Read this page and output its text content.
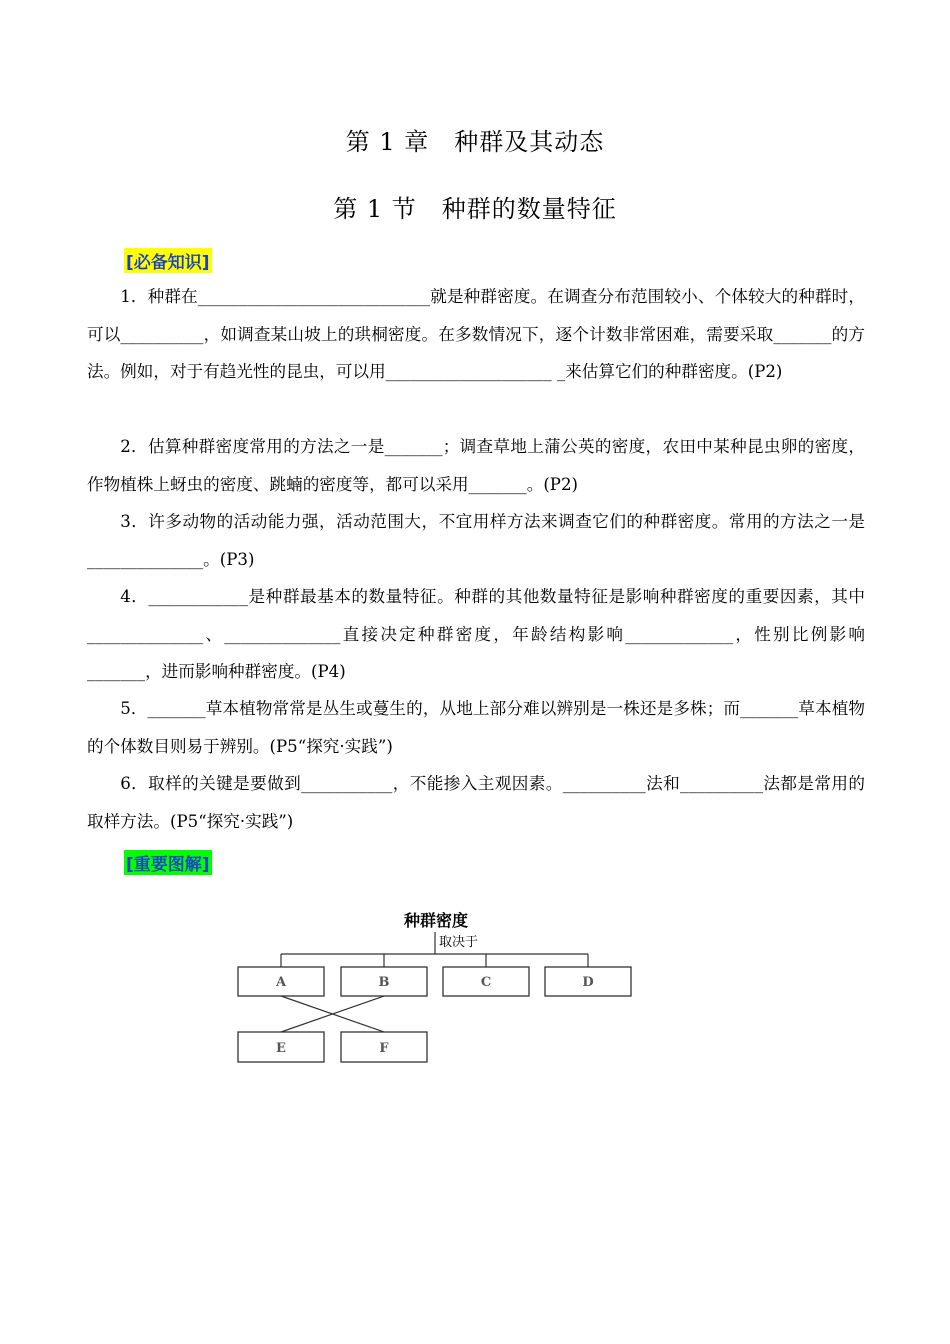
第 1 章　种群及其动态
第 1 节　种群的数量特征
[必备知识]

1．种群在____________________________就是种群密度。在调查分布范围较小、个体较大的种群时，可以__________，如调查某山坡上的珙桐密度。在多数情况下，逐个计数非常困难，需要采取_______的方法。例如，对于有趋光性的昆虫，可以用____________________ _来估算它们的种群密度。(P2)

2．估算种群密度常用的方法之一是_______；调查草地上蒲公英的密度，农田中某种昆虫卵的密度，作物植株上蚜虫的密度、跳蝻的密度等，都可以采用_______。(P2)

3．许多动物的活动能力强，活动范围大，不宜用样方法来调查它们的种群密度。常用的方法之一是______________。(P3)

4．____________是种群最基本的数量特征。种群的其他数量特征是影响种群密度的重要因素，其中______________、______________直接决定种群密度，年龄结构影响_____________，性别比例影响_______，进而影响种群密度。(P4)

5．_______草本植物常常是丛生或蔓生的，从地上部分难以辨别是一株还是多株；而_______草本植物的个体数目则易于辨别。(P5“探究·实践”)

6．取样的关键是要做到___________，不能掺入主观因素。__________法和__________法都是常用的取样方法。(P5“探究·实践”)

[重要图解]
种群密度
取决于
A	B	C	D
E	F
